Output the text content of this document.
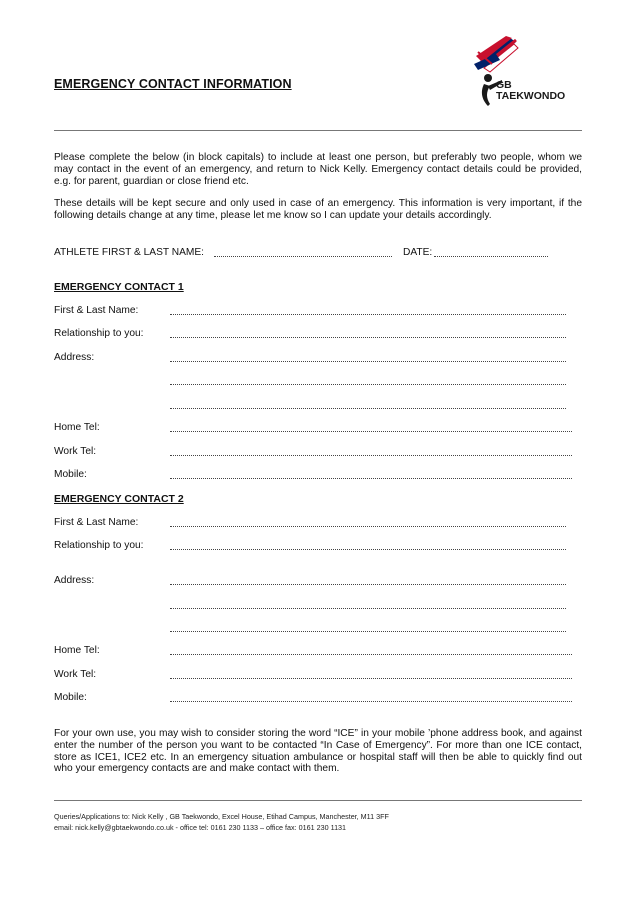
EMERGENCY CONTACT INFORMATION	GB
TAEKWONDO
Please complete the below (in block capitals) to include at least one person, but preferably two people, whom we may contact in the event of an emergency, and return to Nick Kelly. Emergency contact details could be provided, e.g. for parent, guardian or close friend etc.
These details will be kept secure and only used in case of an emergency. This information is very important, if the following details change at any time, please let me know so I can update your details accordingly.
ATHLETE FIRST & LAST NAME:	DATE:
EMERGENCY CONTACT 1
First & Last Name:
Relationship to you:
Address:
Home Tel:
Work Tel:
Mobile:
EMERGENCY CONTACT 2
First & Last Name:
Relationship to you:
Address:
Home Tel:
Work Tel:
Mobile:
For your own use, you may wish to consider storing the word “ICE” in your mobile ’phone address book, and against enter the number of the person you want to be contacted “In Case of Emergency”. For more than one ICE contact, store as ICE1, ICE2 etc. In an emergency situation ambulance or hospital staff will then be able to quickly find out who your emergency contacts are and make contact with them.
Queries/Applications to: Nick Kelly , GB Taekwondo, Excel House, Etihad Campus, Manchester, M11 3FF
email: nick.kelly@gbtaekwondo.co.uk - office tel: 0161 230 1133 – office fax: 0161 230 1131
